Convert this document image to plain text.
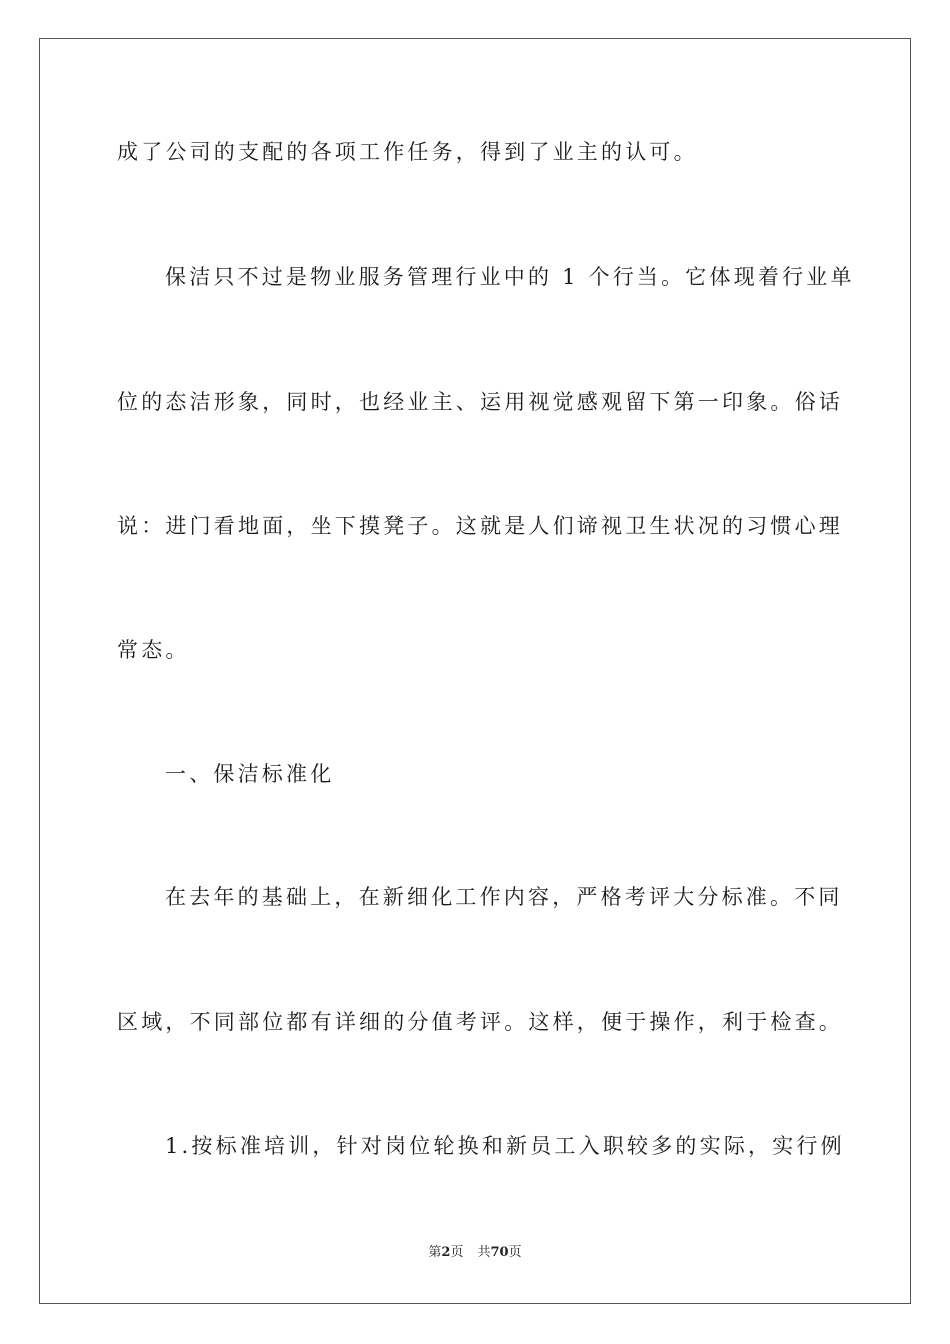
成了公司的支配的各项工作任务，得到了业主的认可。
保洁只不过是物业服务管理行业中的 1 个行当。它体现着行业单
位的态洁形象，同时，也经业主、运用视觉感观留下第一印象。俗话
说：进门看地面，坐下摸凳子。这就是人们谛视卫生状况的习惯心理
常态。
一、保洁标准化
在去年的基础上，在新细化工作内容，严格考评大分标准。不同
区域，不同部位都有详细的分值考评。这样，便于操作，利于检查。
1.按标准培训，针对岗位轮换和新员工入职较多的实际，实行例
第2页 共70页
